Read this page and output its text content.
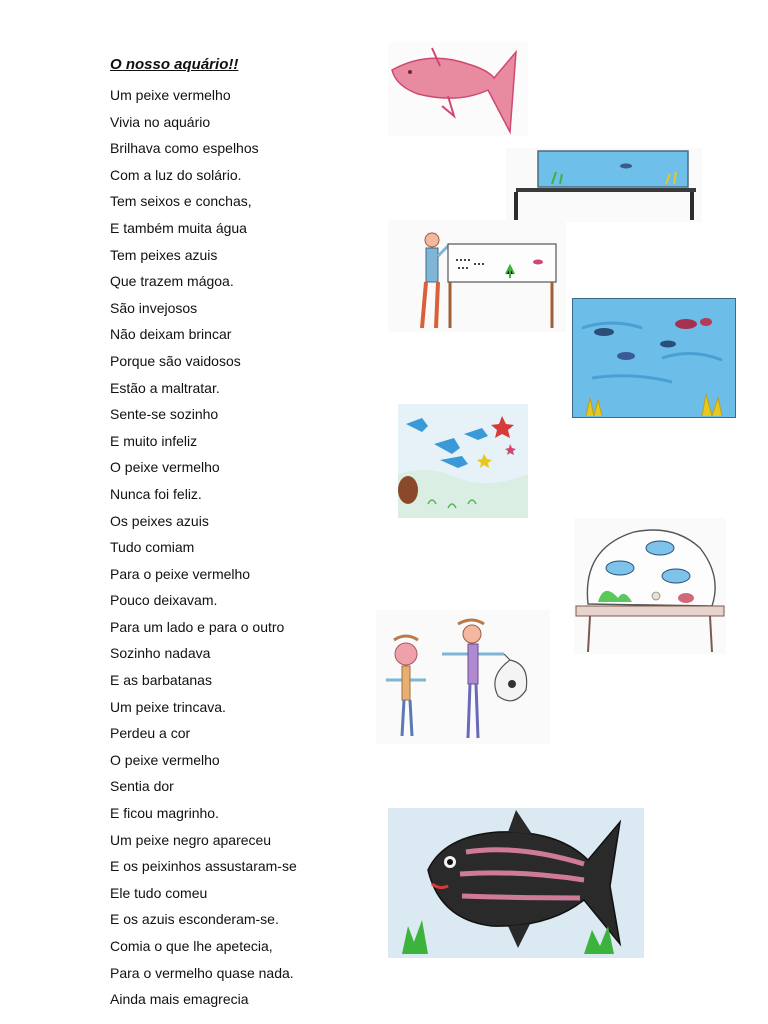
O nosso aquário!!
Um peixe vermelho
Vivia no aquário
Brilhava como espelhos
Com a luz do solário.
Tem seixos e conchas,
E também muita água
Tem peixes azuis
Que trazem mágoa.
São invejosos
Não deixam brincar
Porque são vaidosos
Estão a maltratar.
Sente-se sozinho
E muito infeliz
O peixe vermelho
Nunca foi feliz.
Os peixes azuis
Tudo comiam
Para o peixe vermelho
Pouco deixavam.
Para um lado e para o outro
Sozinho nadava
E as barbatanas
Um peixe trincava.
Perdeu a cor
O peixe vermelho
Sentia dor
E ficou magrinho.
Um peixe negro apareceu
E os peixinhos assustaram-se
Ele tudo comeu
E os azuis esconderam-se.
Comia o que lhe apetecia,
Para o vermelho quase nada.
Ainda mais emagrecia
